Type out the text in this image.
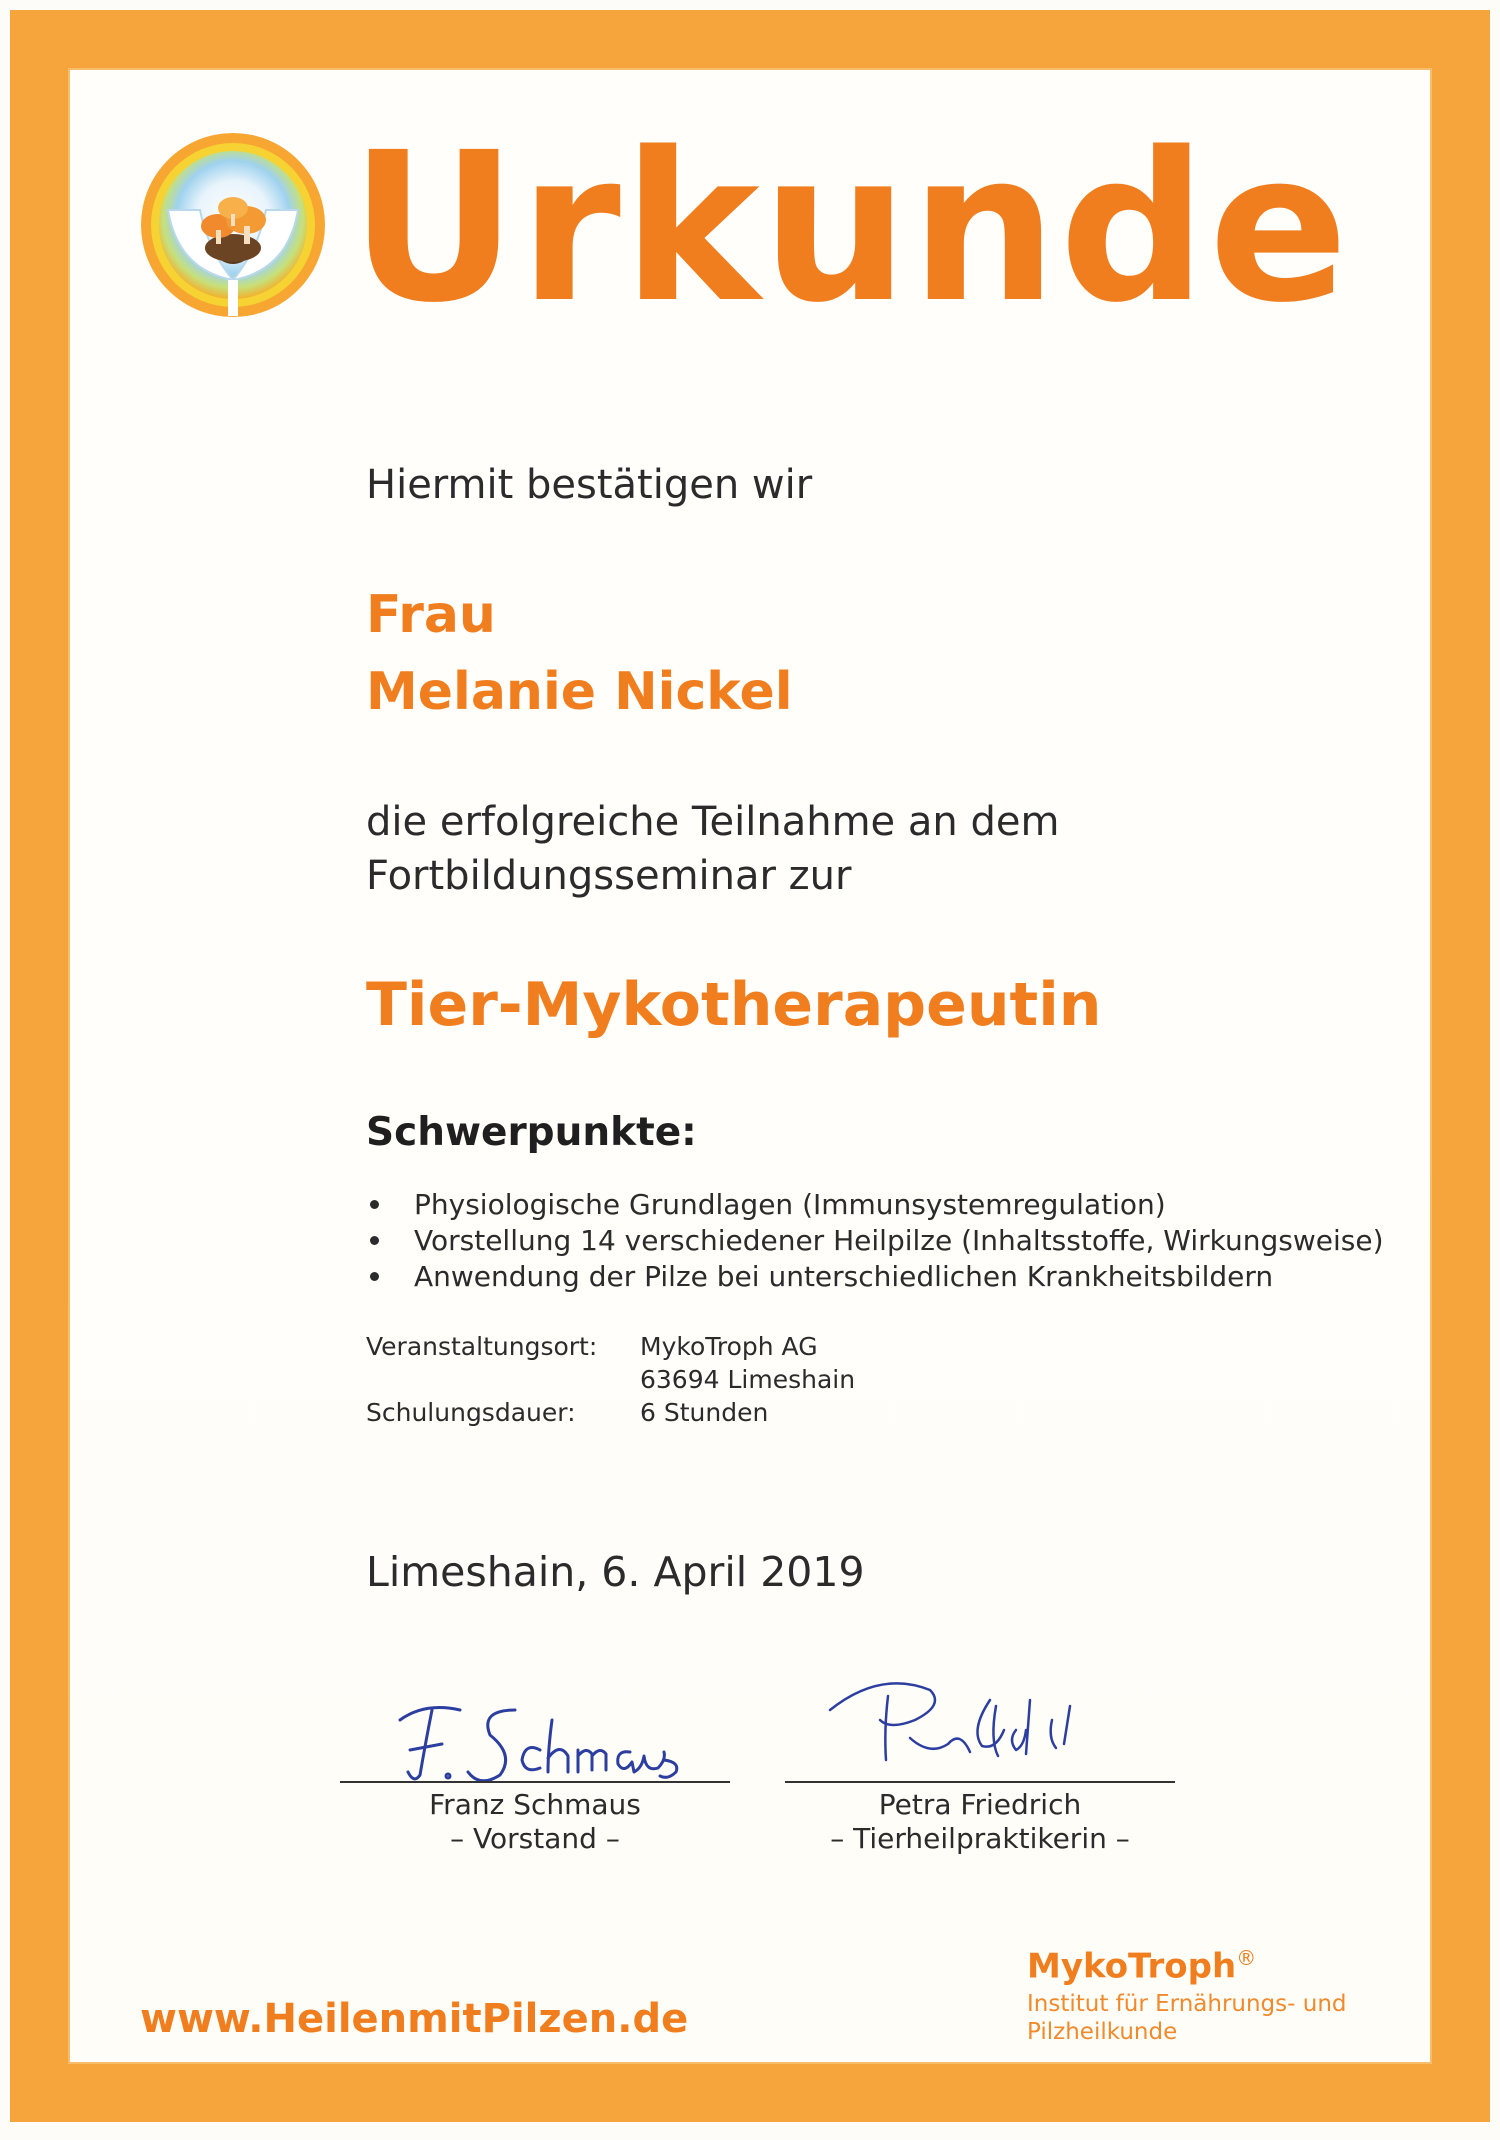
Urkunde
Hiermit bestätigen wir
Frau
Melanie Nickel
die erfolgreiche Teilnahme an dem
Fortbildungsseminar zur
Tier-Mykotherapeutin
Schwerpunkte:
Physiologische Grundlagen (Immunsystemregulation)
Vorstellung 14 verschiedener Heilpilze (Inhaltsstoffe, Wirkungsweise)
Anwendung der Pilze bei unterschiedlichen Krankheitsbildern
Veranstaltungsort: MykoTroph AG
63694 Limeshain
Schulungsdauer:	6 Stunden
Limeshain, 6. April 2019
Franz Schmaus
– Vorstand –
Petra Friedrich
– Tierheilpraktikerin –
www.HeilenmitPilzen.de
MykoTroph®
Institut für Ernährungs- und
Pilzheilkunde
